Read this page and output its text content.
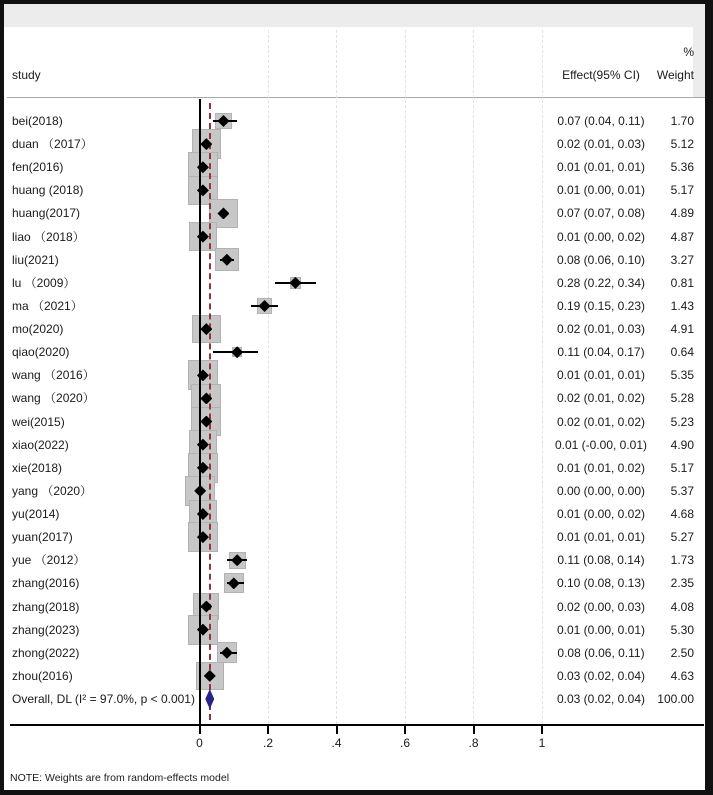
study
%
Effect(95% CI)	Weight
bei(2018)	0.07 (0.04, 0.11)	1.70
duan （2017）	0.02 (0.01, 0.03)	5.12
fen(2016)	0.01 (0.01, 0.01)	5.36
huang (2018)	0.01 (0.00, 0.01)	5.17
huang(2017)	0.07 (0.07, 0.08)	4.89
liao （2018）	0.01 (0.00, 0.02)	4.87
liu(2021)	0.08 (0.06, 0.10)	3.27
lu （2009）	0.28 (0.22, 0.34)	0.81
ma （2021）	0.19 (0.15, 0.23)	1.43
mo(2020)	0.02 (0.01, 0.03)	4.91
qiao(2020)	0.11 (0.04, 0.17)	0.64
wang （2016）	0.01 (0.01, 0.01)	5.35
wang （2020）	0.02 (0.01, 0.02)	5.28
wei(2015)	0.02 (0.01, 0.02)	5.23
xiao(2022)	0.01 (-0.00, 0.01)	4.90
xie(2018)	0.01 (0.01, 0.02)	5.17
yang （2020）	0.00 (0.00, 0.00)	5.37
yu(2014)	0.01 (0.00, 0.02)	4.68
yuan(2017)	0.01 (0.01, 0.01)	5.27
yue （2012）	0.11 (0.08, 0.14)	1.73
zhang(2016)	0.10 (0.08, 0.13)	2.35
zhang(2018)	0.02 (0.00, 0.03)	4.08
zhang(2023)	0.01 (0.00, 0.01)	5.30
zhong(2022)	0.08 (0.06, 0.11)	2.50
zhou(2016)	0.03 (0.02, 0.04)	4.63
Overall, DL (I² = 97.0%, p < 0.001)	0.03 (0.02, 0.04)	100.00
0	.2	.4	.6	.8	1
NOTE: Weights are from random-effects model
